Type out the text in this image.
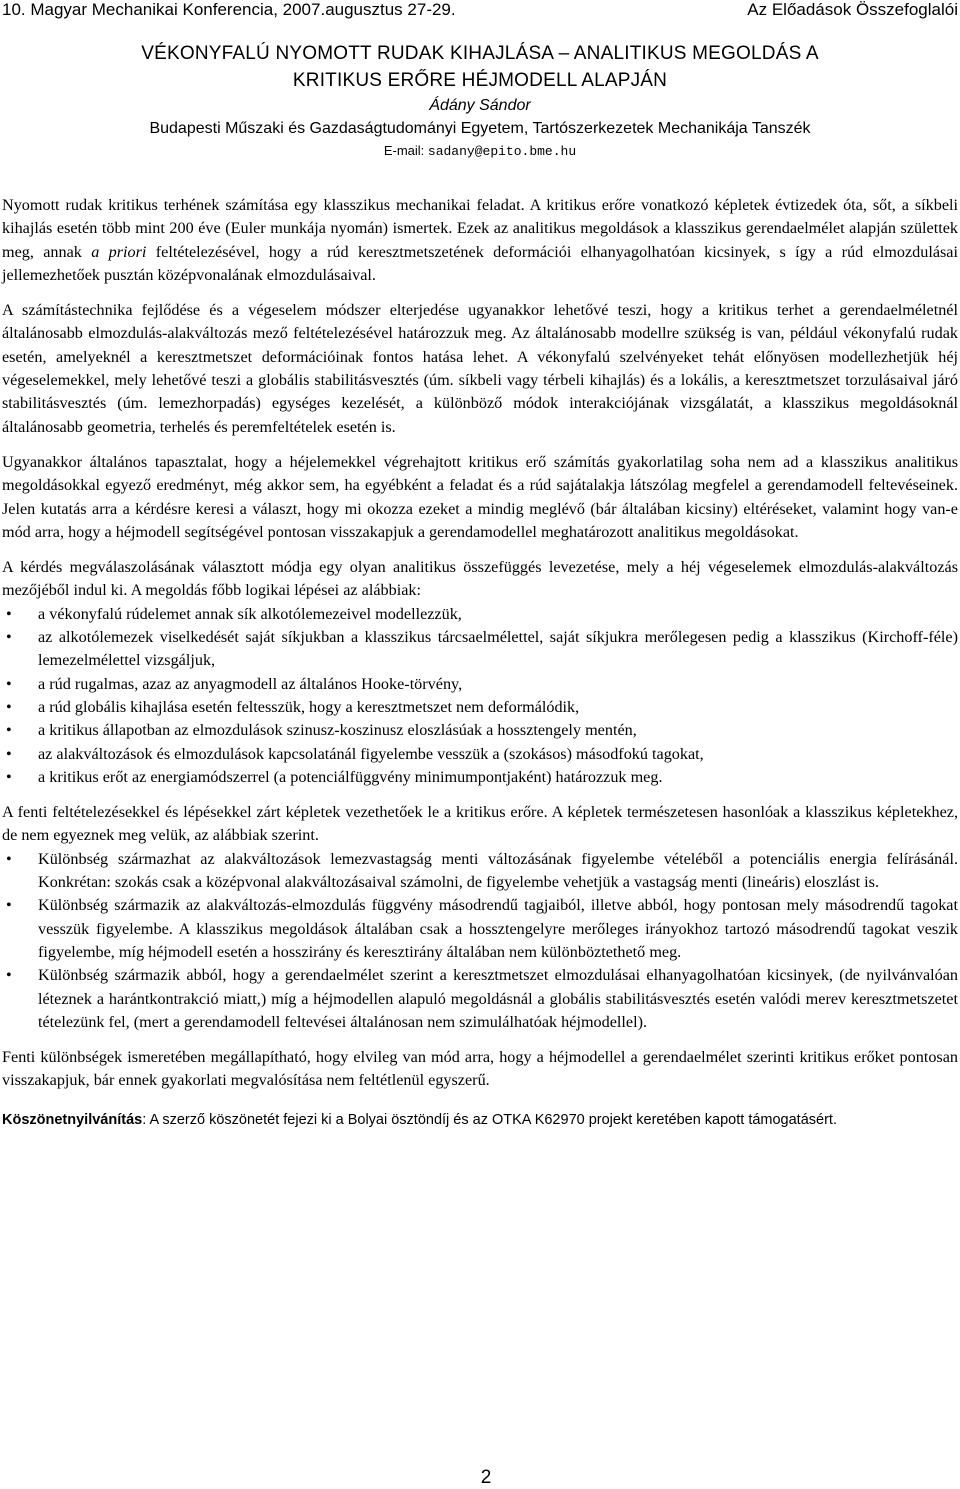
10. Magyar Mechanikai Konferencia, 2007.augusztus 27-29.	Az Előadások Összefoglalói
VÉKONYFALÚ NYOMOTT RUDAK KIHAJLÁSA – ANALITIKUS MEGOLDÁS A
KRITIKUS ERŐRE HÉJMODELL ALAPJÁN
Ádány Sándor
Budapesti Műszaki és Gazdaságtudományi Egyetem, Tartószerkezetek Mechanikája Tanszék
E-mail: sadany@epito.bme.hu

Nyomott rudak kritikus terhének számítása egy klasszikus mechanikai feladat. A kritikus erőre vonatkozó képletek évtizedek óta, sőt, a síkbeli kihajlás esetén több mint 200 éve (Euler munkája nyomán) ismertek. Ezek az analitikus megoldások a klasszikus gerendaelmélet alapján születtek meg, annak a priori feltételezésével, hogy a rúd keresztmetszetének deformációi elhanyagolhatóan kicsinyek, s így a rúd elmozdulásai jellemezhetőek pusztán középvonalának elmozdulásaival.

A számítástechnika fejlődése és a végeselem módszer elterjedése ugyanakkor lehetővé teszi, hogy a kritikus terhet a gerendaelméletnél általánosabb elmozdulás-alakváltozás mező feltételezésével határozzuk meg. Az általánosabb modellre szükség is van, például vékonyfalú rudak esetén, amelyeknél a keresztmetszet deformációinak fontos hatása lehet. A vékonyfalú szelvényeket tehát előnyösen modellezhetjük héj végeselemekkel, mely lehetővé teszi a globális stabilitásvesztés (úm. síkbeli vagy térbeli kihajlás) és a lokális, a keresztmetszet torzulásaival járó stabilitásvesztés (úm. lemezhorpadás) egységes kezelését, a különböző módok interakciójának vizsgálatát, a klasszikus megoldásoknál általánosabb geometria, terhelés és peremfeltételek esetén is.

Ugyanakkor általános tapasztalat, hogy a héjelemekkel végrehajtott kritikus erő számítás gyakorlatilag soha nem ad a klasszikus analitikus megoldásokkal egyező eredményt, még akkor sem, ha egyébként a feladat és a rúd sajátalakja látszólag megfelel a gerendamodell feltevéseinek. Jelen kutatás arra a kérdésre keresi a választ, hogy mi okozza ezeket a mindig meglévő (bár általában kicsiny) eltéréseket, valamint hogy van-e mód arra, hogy a héjmodell segítségével pontosan visszakapjuk a gerendamodellel meghatározott analitikus megoldásokat.

A kérdés megválaszolásának választott módja egy olyan analitikus összefüggés levezetése, mely a héj végeselemek elmozdulás-alakváltozás mezőjéből indul ki. A megoldás főbb logikai lépései az alábbiak:

• a vékonyfalú rúdelemet annak sík alkotólemezeivel modellezzük,
• az alkotólemezek viselkedését saját síkjukban a klasszikus tárcsaelmélettel, saját síkjukra merőlegesen pedig a klasszikus (Kirchoff-féle) lemezelmélettel vizsgáljuk,
• a rúd rugalmas, azaz az anyagmodell az általános Hooke-törvény,
• a rúd globális kihajlása esetén feltesszük, hogy a keresztmetszet nem deformálódik,
• a kritikus állapotban az elmozdulások szinusz-koszinusz eloszlásúak a hossztengely mentén,
• az alakváltozások és elmozdulások kapcsolatánál figyelembe vesszük a (szokásos) másodfokú tagokat,
• a kritikus erőt az energiamódszerrel (a potenciálfüggvény minimumpontjaként) határozzuk meg.

A fenti feltételezésekkel és lépésekkel zárt képletek vezethetőek le a kritikus erőre. A képletek természetesen hasonlóak a klasszikus képletekhez, de nem egyeznek meg velük, az alábbiak szerint.

• Különbség származhat az alakváltozások lemezvastagság menti változásának figyelembe vételéből a potenciális energia felírásánál. Konkrétan: szokás csak a középvonal alakváltozásaival számolni, de figyelembe vehetjük a vastagság menti (lineáris) eloszlást is.
• Különbség származik az alakváltozás-elmozdulás függvény másodrendű tagjaiból, illetve abból, hogy pontosan mely másodrendű tagokat vesszük figyelembe. A klasszikus megoldások általában csak a hossztengelyre merőleges irányokhoz tartozó másodrendű tagokat veszik figyelembe, míg héjmodell esetén a hosszirány és keresztirány általában nem különböztethető meg.
• Különbség származik abból, hogy a gerendaelmélet szerint a keresztmetszet elmozdulásai elhanyagolhatóan kicsinyek, (de nyilvánvalóan léteznek a harántkontrakció miatt,) míg a héjmodellen alapuló megoldásnál a globális stabilitásvesztés esetén valódi merev keresztmetszetet tételezünk fel, (mert a gerendamodell feltevései általánosan nem szimulálhatóak héjmodellel).

Fenti különbségek ismeretében megállapítható, hogy elvileg van mód arra, hogy a héjmodellel a gerendaelmélet szerinti kritikus erőket pontosan visszakapjuk, bár ennek gyakorlati megvalósítása nem feltétlenül egyszerű.

Köszönetnyilvánítás: A szerző köszönetét fejezi ki a Bolyai ösztöndíj és az OTKA K62970 projekt keretében kapott támogatásért.
2
